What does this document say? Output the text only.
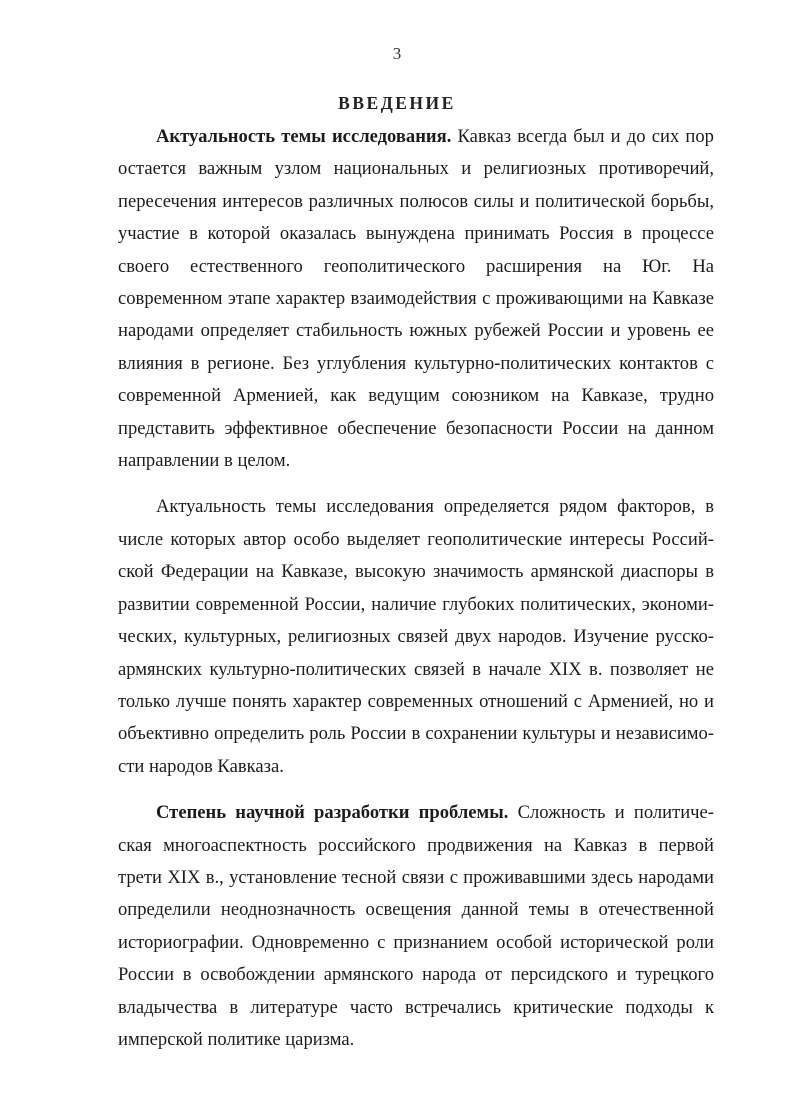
3
ВВЕДЕНИЕ

Актуальность темы исследования. Кавказ всегда был и до сих пор остается важным узлом национальных и религиозных противоречий, пересечения интересов различных полюсов силы и политической борьбы, участие в которой оказалась вынуждена принимать Россия в процессе своего естественного геополитического расширения на Юг. На современном этапе характер взаимодействия с проживающими на Кавказе народами определяет стабильность южных рубежей России и уровень ее влияния в регионе. Без углубления культурно-политических контактов с современной Арменией, как ведущим союзником на Кавказе, трудно представить эффективное обеспечение безопасности России на данном направлении в целом.

Актуальность темы исследования определяется рядом факторов, в числе которых автор особо выделяет геополитические интересы Российской Федерации на Кавказе, высокую значимость армянской диаспоры в развитии современной России, наличие глубоких политических, экономических, культурных, религиозных связей двух народов. Изучение русско-армянских культурно-политических связей в начале XIX в. позволяет не только лучше понять характер современных отношений с Арменией, но и объективно определить роль России в сохранении культуры и независимости народов Кавказа.

Степень научной разработки проблемы. Сложность и политическая многоаспектность российского продвижения на Кавказ в первой трети XIX в., установление тесной связи с проживавшими здесь народами определили неоднозначность освещения данной темы в отечественной историографии. Одновременно с признанием особой исторической роли России в освобождении армянского народа от персидского и турецкого владычества в литературе часто встречались критические подходы к имперской политике царизма.
